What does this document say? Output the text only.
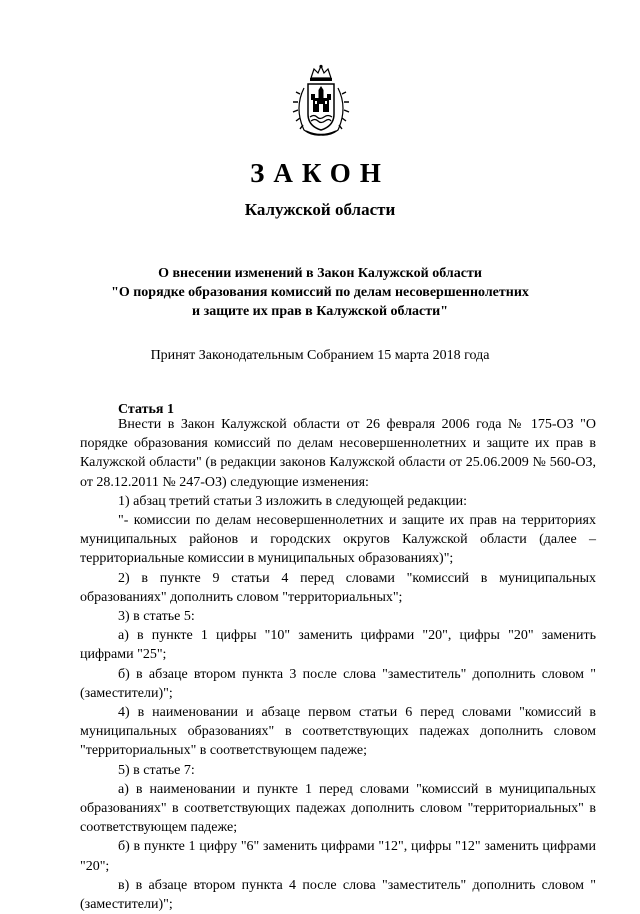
ЗАКОН
Калужской области
О внесении изменений в Закон Калужской области
"О порядке образования комиссий по делам несовершеннолетних
и защите их прав в Калужской области"
Принят Законодательным Собранием 15 марта 2018 года
Статья 1

Внести в Закон Калужской области от 26 февраля 2006 года № 175-ОЗ "О порядке образования комиссий по делам несовершеннолетних и защите их прав в Калужской области" (в редакции законов Калужской области от 25.06.2009 № 560-ОЗ, от 28.12.2011 № 247-ОЗ) следующие изменения:

1) абзац третий статьи 3 изложить в следующей редакции:

"- комиссии по делам несовершеннолетних и защите их прав на территориях муниципальных районов и городских округов Калужской области (далее – территориальные комиссии в муниципальных образованиях)";

2) в пункте 9 статьи 4 перед словами "комиссий в муниципальных образованиях" дополнить словом "территориальных";

3) в статье 5:

а) в пункте 1 цифры "10" заменить цифрами "20", цифры "20" заменить цифрами "25";

б) в абзаце втором пункта 3 после слова "заместитель" дополнить словом "(заместители)";

4) в наименовании и абзаце первом статьи 6 перед словами "комиссий в муниципальных образованиях" в соответствующих падежах дополнить словом "территориальных" в соответствующем падеже;

5) в статье 7:

а) в наименовании и пункте 1 перед словами "комиссий в муниципальных образованиях" в соответствующих падежах дополнить словом "территориальных" в соответствующем падеже;

б) в пункте 1 цифру "6" заменить цифрами "12", цифры "12" заменить цифрами "20";

в) в абзаце втором пункта 4 после слова "заместитель" дополнить словом "(заместители)";
